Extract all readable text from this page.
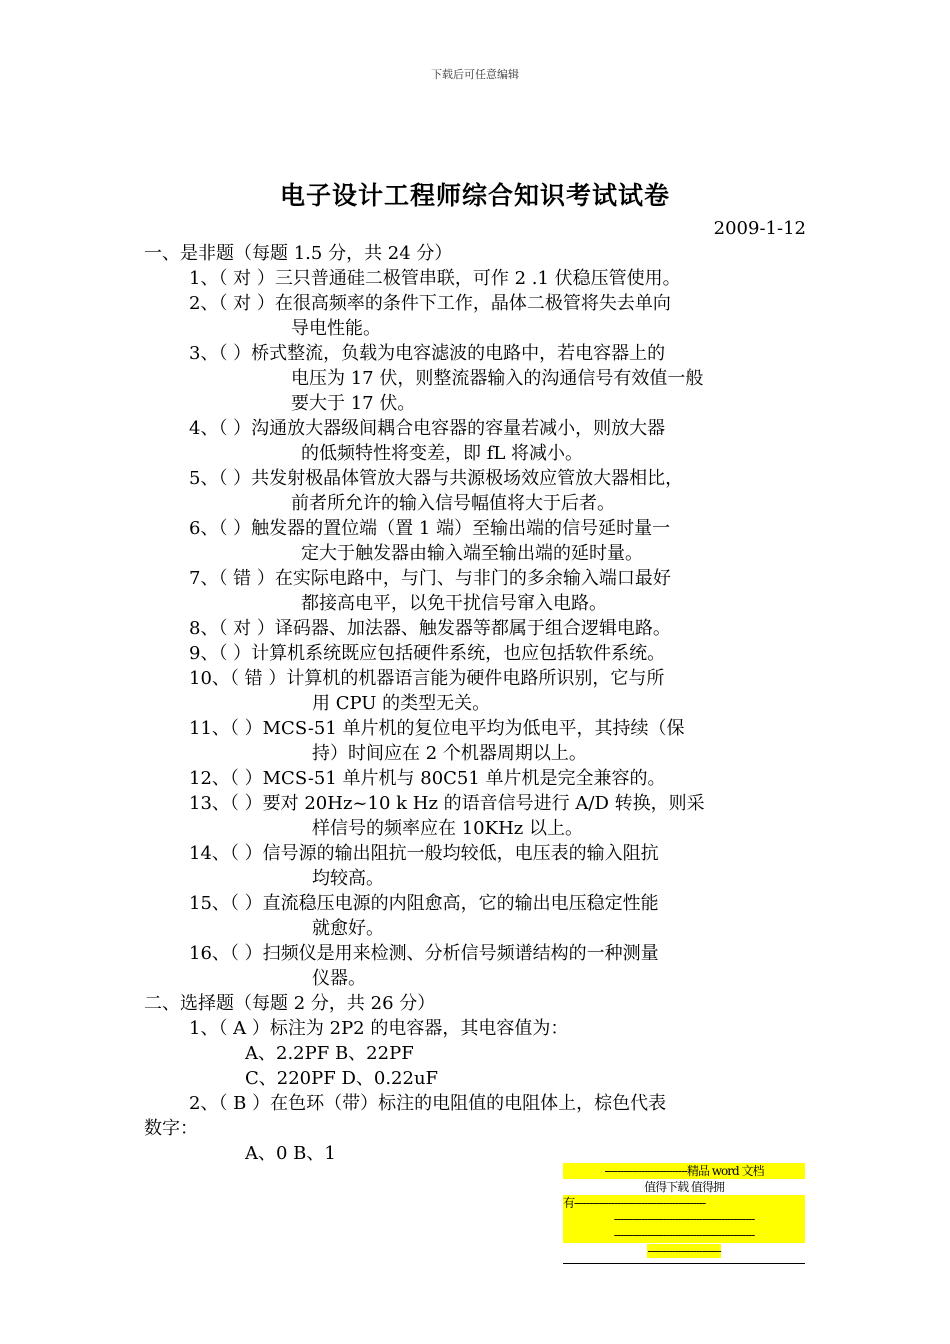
下载后可任意编辑
电子设计工程师综合知识考试试卷
2009-1-12
一、是非题（每题 1.5 分，共 24 分）
1、（ 对 ）三只普通硅二极管串联，可作 2 .1 伏稳压管使用。
2、（ 对 ）在很高频率的条件下工作，晶体二极管将失去单向
导电性能。
3、（ ）桥式整流，负载为电容滤波的电路中，若电容器上的
电压为 17 伏，则整流器输入的沟通信号有效值一般
要大于 17 伏。
4、（ ）沟通放大器级间耦合电容器的容量若减小，则放大器
的低频特性将变差，即 fL 将减小。
5、（ ）共发射极晶体管放大器与共源极场效应管放大器相比，
前者所允许的输入信号幅值将大于后者。
6、（ ）触发器的置位端（置 1 端）至输出端的信号延时量一
定大于触发器由输入端至输出端的延时量。
7、（ 错 ）在实际电路中，与门、与非门的多余输入端口最好
都接高电平，以免干扰信号窜入电路。
8、（ 对 ）译码器、加法器、触发器等都属于组合逻辑电路。
9、（ ）计算机系统既应包括硬件系统，也应包括软件系统。
10、（ 错 ）计算机的机器语言能为硬件电路所识别，它与所
用 CPU 的类型无关。
11、（ ）MCS-51 单片机的复位电平均为低电平，其持续（保
持）时间应在 2 个机器周期以上。
12、（ ）MCS-51 单片机与 80C51 单片机是完全兼容的。
13、（ ）要对 20Hz~10 k Hz 的语音信号进行 A/D 转换，则采
样信号的频率应在 10KHz 以上。
14、（ ）信号源的输出阻抗一般均较低，电压表的输入阻抗
均较高。
15、（ ）直流稳压电源的内阻愈高，它的输出电压稳定性能
就愈好。
16、（ ）扫频仪是用来检测、分析信号频谱结构的一种测量
仪器。
二、选择题（每题 2 分，共 26 分）
1、（ A ）标注为 2P2 的电容器，其电容值为：
A、2.2PF B、22PF
C、220PF D、0.22uF
2、（ B ）在色环（带）标注的电阻值的电阻体上，棕色代表
数字：
A、0 B、1
---------------------------精品 word 文档
值得下载 值得拥
有-------------------------------------------
----------------------------------------------
----------------------------------------------
------------------------
